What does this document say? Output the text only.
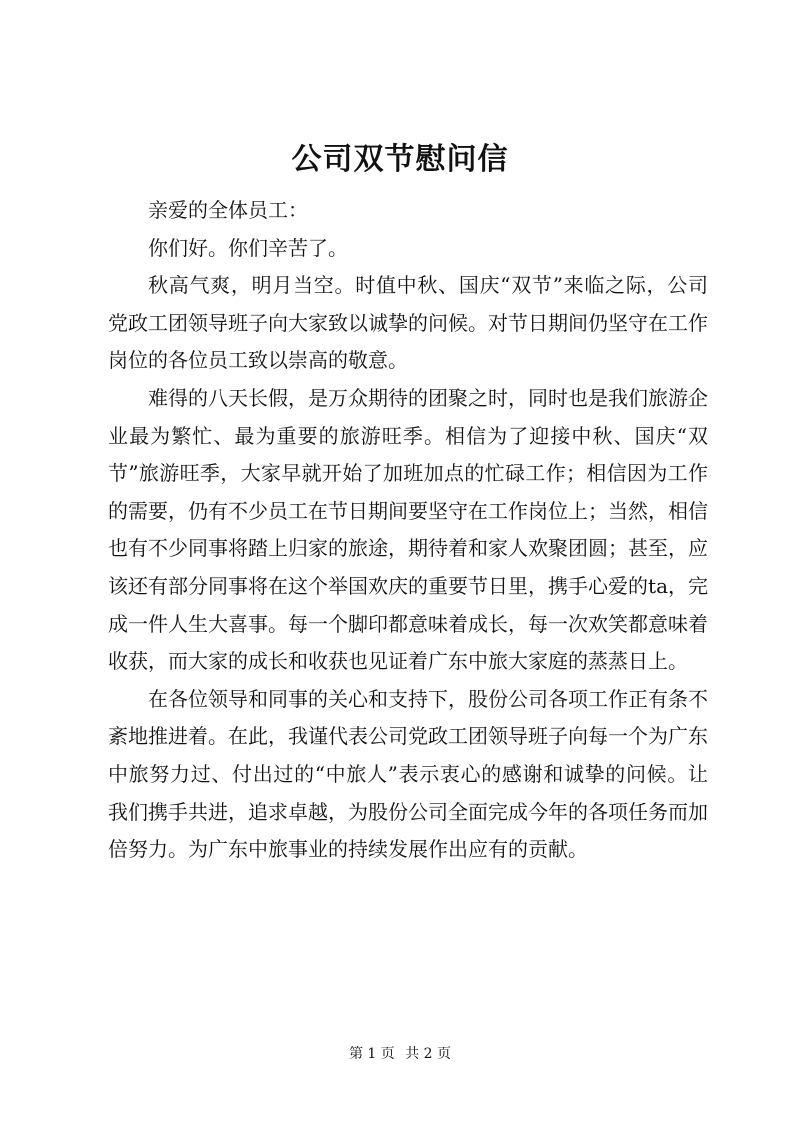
公司双节慰问信

亲爱的全体员工：

你们好。你们辛苦了。

秋高气爽，明月当空。时值中秋、国庆“双节”来临之际，公司党政工团领导班子向大家致以诚挚的问候。对节日期间仍坚守在工作岗位的各位员工致以崇高的敬意。

难得的八天长假，是万众期待的团聚之时，同时也是我们旅游企业最为繁忙、最为重要的旅游旺季。相信为了迎接中秋、国庆“双节”旅游旺季，大家早就开始了加班加点的忙碌工作；相信因为工作的需要，仍有不少员工在节日期间要坚守在工作岗位上；当然，相信也有不少同事将踏上归家的旅途，期待着和家人欢聚团圆；甚至，应该还有部分同事将在这个举国欢庆的重要节日里，携手心爱的ta，完成一件人生大喜事。每一个脚印都意味着成长，每一次欢笑都意味着收获，而大家的成长和收获也见证着广东中旅大家庭的蒸蒸日上。

在各位领导和同事的关心和支持下，股份公司各项工作正有条不紊地推进着。在此，我谨代表公司党政工团领导班子向每一个为广东中旅努力过、付出过的“中旅人”表示衷心的感谢和诚挚的问候。让我们携手共进，追求卓越，为股份公司全面完成今年的各项任务而加倍努力。为广东中旅事业的持续发展作出应有的贡献。

第 1 页 共 2 页
